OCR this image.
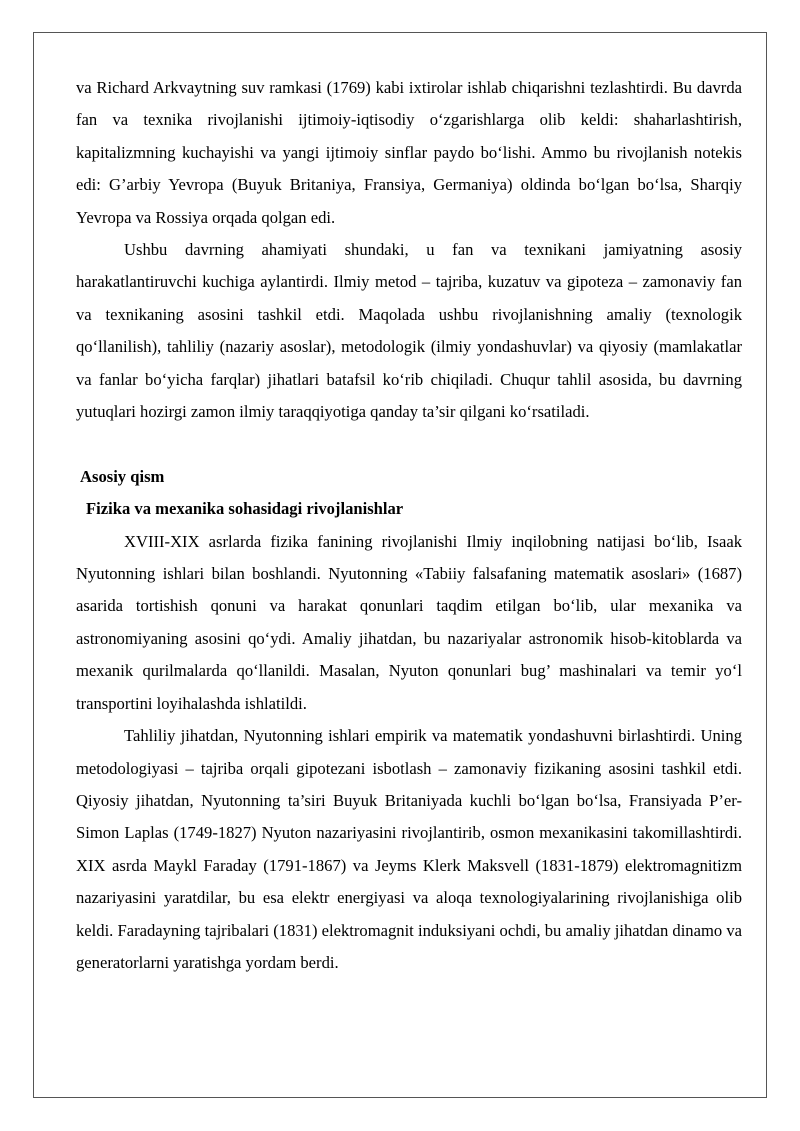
va Richard Arkvaytning suv ramkasi (1769) kabi ixtirolar ishlab chiqarishni tezlashtirdi. Bu davrda fan va texnika rivojlanishi ijtimoiy-iqtisodiy o‘zgarishlarga olib keldi: shaharlashtirish, kapitalizmning kuchayishi va yangi ijtimoiy sinflar paydo bo‘lishi. Ammo bu rivojlanish notekis edi: G’arbiy Yevropa (Buyuk Britaniya, Fransiya, Germaniya) oldinda bo‘lgan bo‘lsa, Sharqiy Yevropa va Rossiya orqada qolgan edi.

Ushbu davrning ahamiyati shundaki, u fan va texnikani jamiyatning asosiy harakatlantiruvchi kuchiga aylantirdi. Ilmiy metod – tajriba, kuzatuv va gipoteza – zamonaviy fan va texnikaning asosini tashkil etdi. Maqolada ushbu rivojlanishning amaliy (texnologik qo‘llanilish), tahliliy (nazariy asoslar), metodologik (ilmiy yondashuvlar) va qiyosiy (mamlakatlar va fanlar bo‘yicha farqlar) jihatlari batafsil ko‘rib chiqiladi. Chuqur tahlil asosida, bu davrning yutuqlari hozirgi zamon ilmiy taraqqiyotiga qanday ta’sir qilgani ko‘rsatiladi.

Asosiy qism

Fizika va mexanika sohasidagi rivojlanishlar

XVIII-XIX asrlarda fizika fanining rivojlanishi Ilmiy inqilobning natijasi bo‘lib, Isaak Nyutonning ishlari bilan boshlandi. Nyutonning «Tabiiy falsafaning matematik asoslari» (1687) asarida tortishish qonuni va harakat qonunlari taqdim etilgan bo‘lib, ular mexanika va astronomiyaning asosini qo‘ydi. Amaliy jihatdan, bu nazariyalar astronomik hisob-kitoblarda va mexanik qurilmalarda qo‘llanildi. Masalan, Nyuton qonunlari bug’ mashinalari va temir yo‘l transportini loyihalashda ishlatildi.

Tahliliy jihatdan, Nyutonning ishlari empirik va matematik yondashuvni birlashtirdi. Uning metodologiyasi – tajriba orqali gipotezani isbotlash – zamonaviy fizikaning asosini tashkil etdi. Qiyosiy jihatdan, Nyutonning ta’siri Buyuk Britaniyada kuchli bo‘lgan bo‘lsa, Fransiyada P’er-Simon Laplas (1749-1827) Nyuton nazariyasini rivojlantirib, osmon mexanikasini takomillashtirdi. XIX asrda Maykl Faraday (1791-1867) va Jeyms Klerk Maksvell (1831-1879) elektromagnitizm nazariyasini yaratdilar, bu esa elektr energiyasi va aloqa texnologiyalarining rivojlanishiga olib keldi. Faradayning tajribalari (1831) elektromagnit induksiyani ochdi, bu amaliy jihatdan dinamo va generatorlarni yaratishga yordam berdi.
